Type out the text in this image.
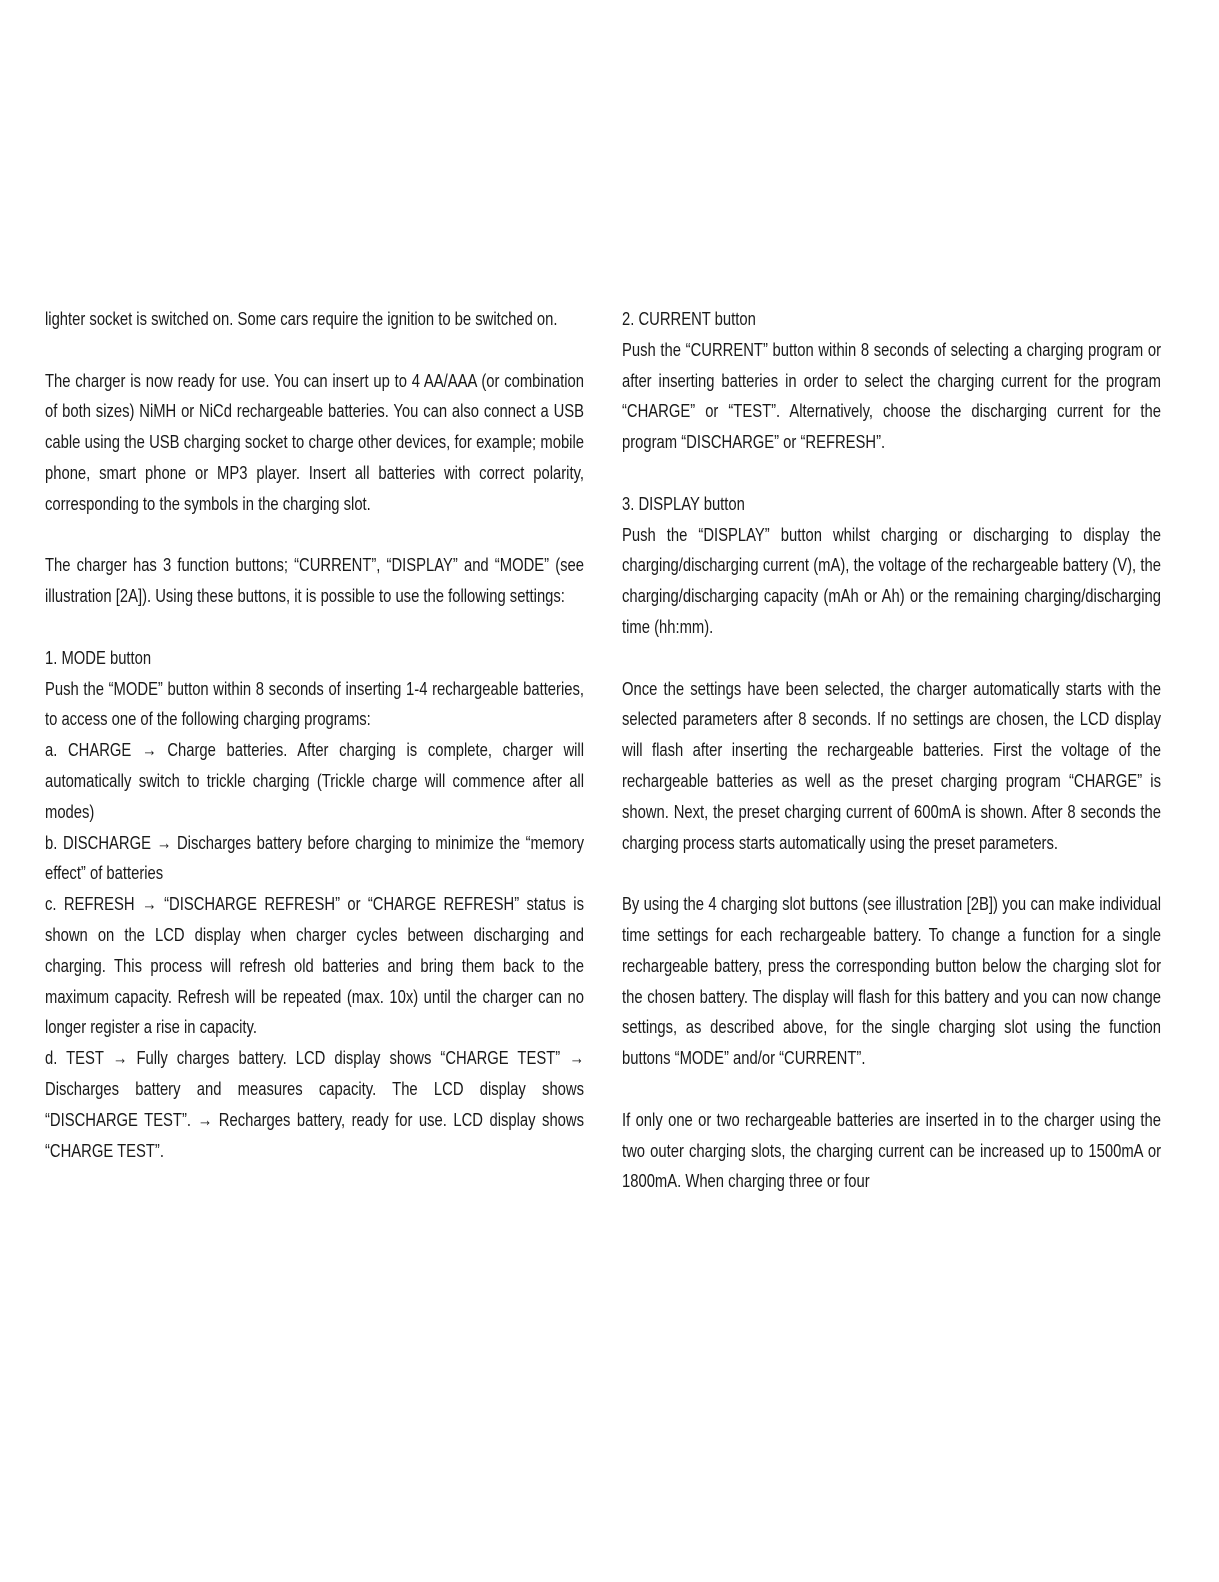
lighter socket is switched on. Some cars require the ignition to be switched on.

The charger is now ready for use. You can insert up to 4 AA/AAA (or combination of both sizes) NiMH or NiCd rechargeable batteries. You can also connect a USB cable using the USB charging socket to charge other devices, for example; mobile phone, smart phone or MP3 player. Insert all batteries with correct polarity, corresponding to the symbols in the charging slot.

The charger has 3 function buttons; “CURRENT”, “DISPLAY” and “MODE” (see illustration [2A]). Using these buttons, it is possible to use the following settings:

1. MODE button

Push the “MODE” button within 8 seconds of inserting 1-4 rechargeable batteries, to access one of the following charging programs:

a. CHARGE → Charge batteries. After charging is complete, charger will automatically switch to trickle charging (Trickle charge will commence after all modes)

b. DISCHARGE → Discharges battery before charging to minimize the “memory effect” of batteries

c. REFRESH → “DISCHARGE REFRESH” or “CHARGE REFRESH” status is shown on the LCD display when charger cycles between discharging and charging. This process will refresh old batteries and bring them back to the maximum capacity. Refresh will be repeated (max. 10x) until the charger can no longer register a rise in capacity.

d. TEST → Fully charges battery. LCD display shows “CHARGE TEST” → Discharges battery and measures capacity. The LCD display shows “DISCHARGE TEST”. → Recharges battery, ready for use. LCD display shows “CHARGE TEST”.

2. CURRENT button

Push the “CURRENT” button within 8 seconds of selecting a charging program or after inserting batteries in order to select the charging current for the program “CHARGE” or “TEST”. Alternatively, choose the discharging current for the program “DISCHARGE” or “REFRESH”.

3. DISPLAY button

Push the “DISPLAY” button whilst charging or discharging to display the charging/discharging current (mA), the voltage of the rechargeable battery (V), the charging/discharging capacity (mAh or Ah) or the remaining charging/discharging time (hh:mm).

Once the settings have been selected, the charger automatically starts with the selected parameters after 8 seconds. If no settings are chosen, the LCD display will flash after inserting the rechargeable batteries. First the voltage of the rechargeable batteries as well as the preset charging program “CHARGE” is shown. Next, the preset charging current of 600mA is shown. After 8 seconds the charging process starts automatically using the preset parameters.

By using the 4 charging slot buttons (see illustration [2B]) you can make individual time settings for each rechargeable battery. To change a function for a single rechargeable battery, press the corresponding button below the charging slot for the chosen battery. The display will flash for this battery and you can now change settings, as described above, for the single charging slot using the function buttons “MODE” and/or “CURRENT”.

If only one or two rechargeable batteries are inserted in to the charger using the two outer charging slots, the charging current can be increased up to 1500mA or 1800mA. When charging three or four
